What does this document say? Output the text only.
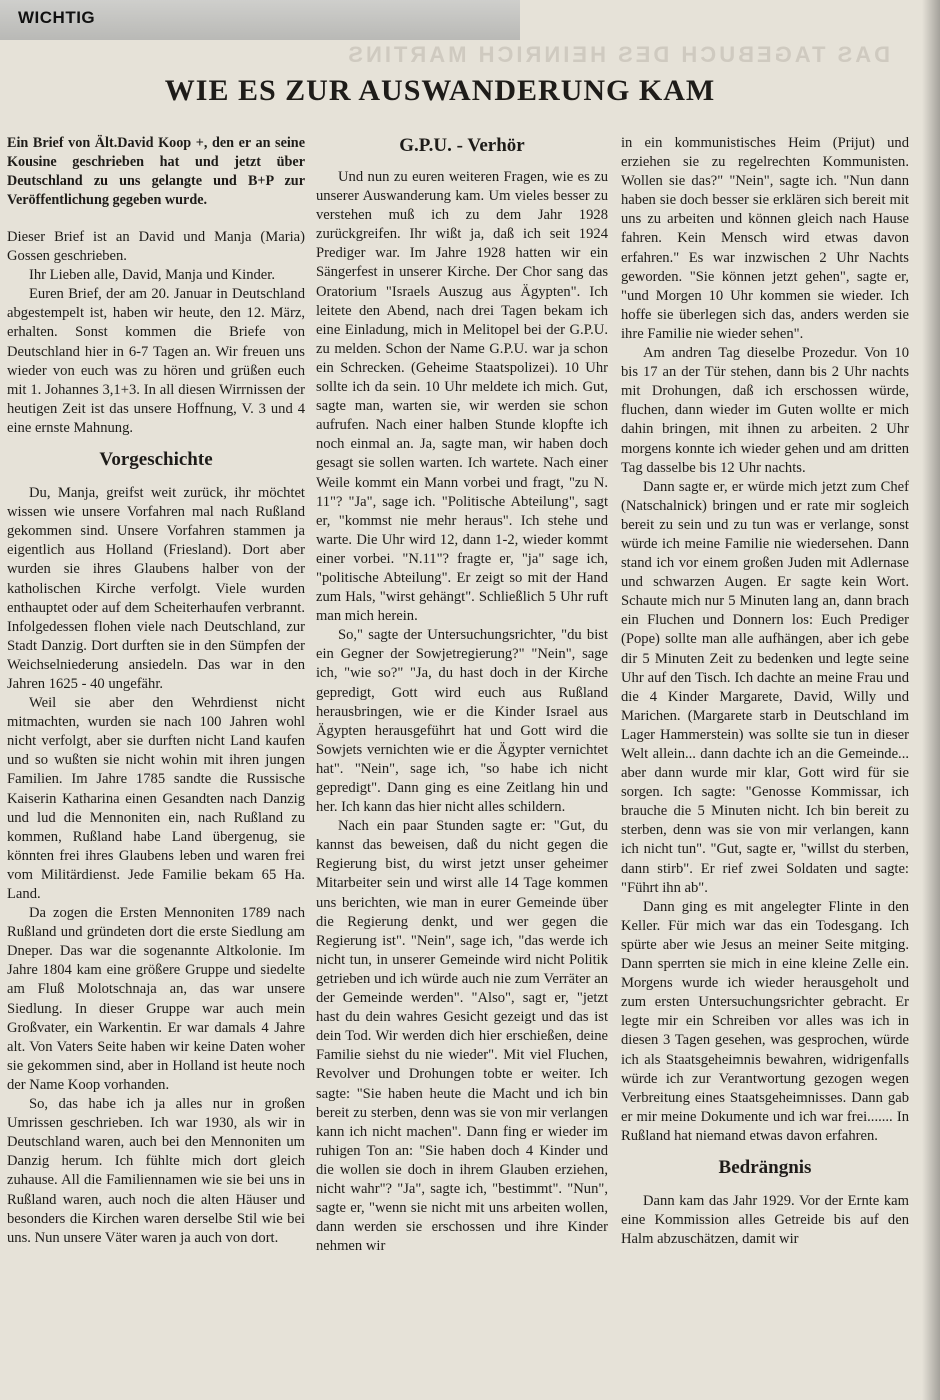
DAS TAGEBUCH DES HEINRICH MARTINS
WICHTIG
WIE ES ZUR AUSWANDERUNG KAM

Ein Brief von Ält.David Koop +, den er an seine Kousine geschrieben hat und jetzt über Deutschland zu uns gelangte und B+P zur Veröffentlichung gegeben wurde.

Dieser Brief ist an David und Manja (Maria) Gossen geschrieben.

Ihr Lieben alle, David, Manja und Kinder.

Euren Brief, der am 20. Januar in Deutschland abgestempelt ist, haben wir heute, den 12. März, erhalten. Sonst kommen die Briefe von Deutschland hier in 6-7 Tagen an. Wir freuen uns wieder von euch was zu hören und grüßen euch mit 1. Johannes 3,1+3. In all diesen Wirrnissen der heutigen Zeit ist das unsere Hoffnung, V. 3 und 4 eine ernste Mahnung.

Vorgeschichte

Du, Manja, greifst weit zurück, ihr möchtet wissen wie unsere Vorfahren mal nach Rußland gekommen sind. Unsere Vorfahren stammen ja eigentlich aus Holland (Friesland). Dort aber wurden sie ihres Glaubens halber von der katholischen Kirche verfolgt. Viele wurden enthauptet oder auf dem Scheiterhaufen verbrannt. Infolgedessen flohen viele nach Deutschland, zur Stadt Danzig. Dort durften sie in den Sümpfen der Weichselniederung ansiedeln. Das war in den Jahren 1625 - 40 ungefähr.

Weil sie aber den Wehrdienst nicht mitmachten, wurden sie nach 100 Jahren wohl nicht verfolgt, aber sie durften nicht Land kaufen und so wußten sie nicht wohin mit ihren jungen Familien. Im Jahre 1785 sandte die Russische Kaiserin Katharina einen Gesandten nach Danzig und lud die Mennoniten ein, nach Rußland zu kommen, Rußland habe Land übergenug, sie könnten frei ihres Glaubens leben und waren frei vom Militärdienst. Jede Familie bekam 65 Ha. Land.

Da zogen die Ersten Mennoniten 1789 nach Rußland und gründeten dort die erste Siedlung am Dneper. Das war die sogenannte Altkolonie. Im Jahre 1804 kam eine größere Gruppe und siedelte am Fluß Molotschnaja an, das war unsere Siedlung. In dieser Gruppe war auch mein Großvater, ein Warkentin. Er war damals 4 Jahre alt. Von Vaters Seite haben wir keine Daten woher sie gekommen sind, aber in Holland ist heute noch der Name Koop vorhanden.

So, das habe ich ja alles nur in großen Umrissen geschrieben. Ich war 1930, als wir in Deutschland waren, auch bei den Mennoniten um Danzig herum. Ich fühlte mich dort gleich zuhause. All die Familiennamen wie sie bei uns in Rußland waren, auch noch die alten Häuser und besonders die Kirchen waren derselbe Stil wie bei uns. Nun unsere Väter waren ja auch von dort.

G.P.U. - Verhör

Und nun zu euren weiteren Fragen, wie es zu unserer Auswanderung kam. Um vieles besser zu verstehen muß ich zu dem Jahr 1928 zurückgreifen. Ihr wißt ja, daß ich seit 1924 Prediger war. Im Jahre 1928 hatten wir ein Sängerfest in unserer Kirche. Der Chor sang das Oratorium "Israels Auszug aus Ägypten". Ich leitete den Abend, nach drei Tagen bekam ich eine Einladung, mich in Melitopel bei der G.P.U. zu melden. Schon der Name G.P.U. war ja schon ein Schrecken. (Geheime Staatspolizei). 10 Uhr sollte ich da sein. 10 Uhr meldete ich mich. Gut, sagte man, warten sie, wir werden sie schon aufrufen. Nach einer halben Stunde klopfte ich noch einmal an. Ja, sagte man, wir haben doch gesagt sie sollen warten. Ich wartete. Nach einer Weile kommt ein Mann vorbei und fragt, "zu N. 11"? "Ja", sage ich. "Politische Abteilung", sagt er, "kommst nie mehr heraus". Ich stehe und warte. Die Uhr wird 12, dann 1-2, wieder kommt einer vorbei. "N.11"? fragte er, "ja" sage ich, "politische Abteilung". Er zeigt so mit der Hand zum Hals, "wirst gehängt". Schließlich 5 Uhr ruft man mich herein.

So," sagte der Untersuchungsrichter, "du bist ein Gegner der Sowjetregierung?" "Nein", sage ich, "wie so?" "Ja, du hast doch in der Kirche gepredigt, Gott wird euch aus Rußland herausbringen, wie er die Kinder Israel aus Ägypten herausgeführt hat und Gott wird die Sowjets vernichten wie er die Ägypter vernichtet hat". "Nein", sage ich, "so habe ich nicht gepredigt". Dann ging es eine Zeitlang hin und her. Ich kann das hier nicht alles schildern.

Nach ein paar Stunden sagte er: "Gut, du kannst das beweisen, daß du nicht gegen die Regierung bist, du wirst jetzt unser geheimer Mitarbeiter sein und wirst alle 14 Tage kommen uns berichten, wie man in eurer Gemeinde über die Regierung denkt, und wer gegen die Regierung ist". "Nein", sage ich, "das werde ich nicht tun, in unserer Gemeinde wird nicht Politik getrieben und ich würde auch nie zum Verräter an der Gemeinde werden". "Also", sagt er, "jetzt hast du dein wahres Gesicht gezeigt und das ist dein Tod. Wir werden dich hier erschießen, deine Familie siehst du nie wieder". Mit viel Fluchen, Revolver und Drohungen tobte er weiter. Ich sagte: "Sie haben heute die Macht und ich bin bereit zu sterben, denn was sie von mir verlangen kann ich nicht machen". Dann fing er wieder im ruhigen Ton an: "Sie haben doch 4 Kinder und die wollen sie doch in ihrem Glauben erziehen, nicht wahr"? "Ja", sagte ich, "bestimmt". "Nun", sagte er, "wenn sie nicht mit uns arbeiten wollen, dann werden sie erschossen und ihre Kinder nehmen wir

in ein kommunistisches Heim (Prijut) und erziehen sie zu regelrechten Kommunisten. Wollen sie das?" "Nein", sagte ich. "Nun dann haben sie doch besser sie erklären sich bereit mit uns zu arbeiten und können gleich nach Hause fahren. Kein Mensch wird etwas davon erfahren." Es war inzwischen 2 Uhr Nachts geworden. "Sie können jetzt gehen", sagte er, "und Morgen 10 Uhr kommen sie wieder. Ich hoffe sie überlegen sich das, anders werden sie ihre Familie nie wieder sehen".

Am andren Tag dieselbe Prozedur. Von 10 bis 17 an der Tür stehen, dann bis 2 Uhr nachts mit Drohungen, daß ich erschossen würde, fluchen, dann wieder im Guten wollte er mich dahin bringen, mit ihnen zu arbeiten. 2 Uhr morgens konnte ich wieder gehen und am dritten Tag dasselbe bis 12 Uhr nachts.

Dann sagte er, er würde mich jetzt zum Chef (Natschalnick) bringen und er rate mir sogleich bereit zu sein und zu tun was er verlange, sonst würde ich meine Familie nie wiedersehen. Dann stand ich vor einem großen Juden mit Adlernase und schwarzen Augen. Er sagte kein Wort. Schaute mich nur 5 Minuten lang an, dann brach ein Fluchen und Donnern los: Euch Prediger (Pope) sollte man alle aufhängen, aber ich gebe dir 5 Minuten Zeit zu bedenken und legte seine Uhr auf den Tisch. Ich dachte an meine Frau und die 4 Kinder Margarete, David, Willy und Marichen. (Margarete starb in Deutschland im Lager Hammerstein) was sollte sie tun in dieser Welt allein... dann dachte ich an die Gemeinde... aber dann wurde mir klar, Gott wird für sie sorgen. Ich sagte: "Genosse Kommissar, ich brauche die 5 Minuten nicht. Ich bin bereit zu sterben, denn was sie von mir verlangen, kann ich nicht tun". "Gut, sagte er, "willst du sterben, dann stirb". Er rief zwei Soldaten und sagte: "Führt ihn ab".

Dann ging es mit angelegter Flinte in den Keller. Für mich war das ein Todesgang. Ich spürte aber wie Jesus an meiner Seite mitging. Dann sperrten sie mich in eine kleine Zelle ein. Morgens wurde ich wieder herausgeholt und zum ersten Untersuchungsrichter gebracht. Er legte mir ein Schreiben vor alles was ich in diesen 3 Tagen gesehen, was gesprochen, würde ich als Staatsgeheimnis bewahren, widrigenfalls würde ich zur Verantwortung gezogen wegen Verbreitung eines Staatsgeheimnisses. Dann gab er mir meine Dokumente und ich war frei....... In Rußland hat niemand etwas davon erfahren.

Bedrängnis

Dann kam das Jahr 1929. Vor der Ernte kam eine Kommission alles Getreide bis auf den Halm abzuschätzen, damit wir
